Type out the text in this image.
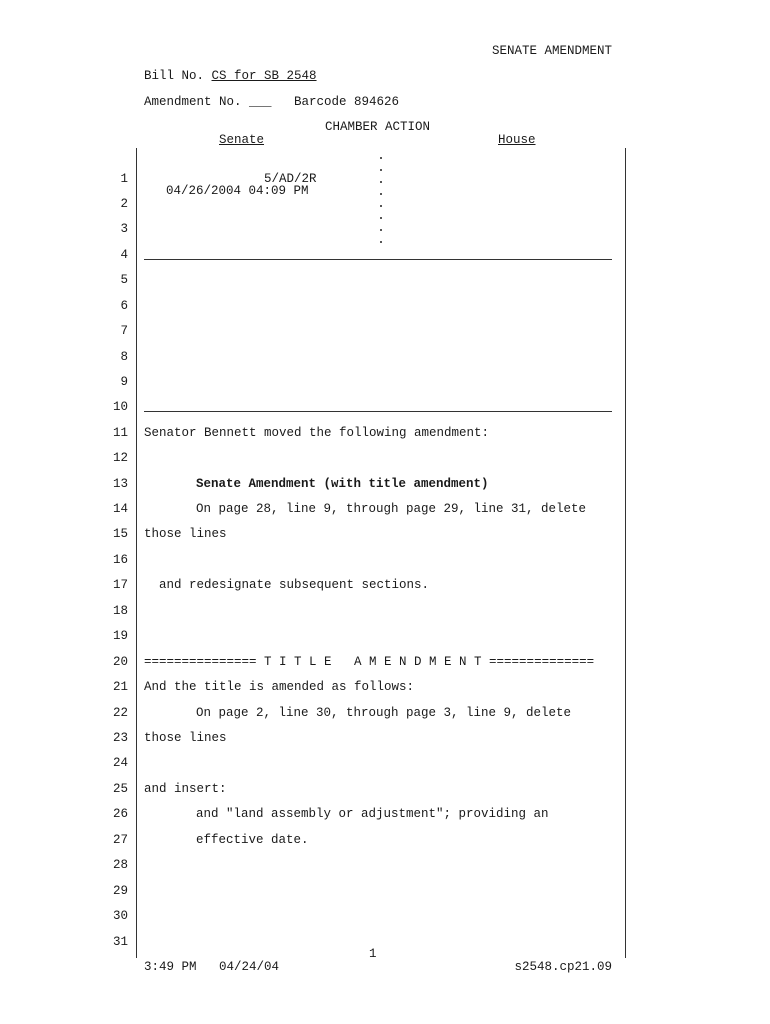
SENATE AMENDMENT
Bill No. CS for SB 2548
Amendment No. ___ Barcode 894626
CHAMBER ACTION
Senate	House
5/AD/2R
04/26/2004 04:09 PM
1
2
3
4
5
6
7
8
9
10
11
12
13
14
15
16
17
18
19
20
21
22
23
24
25
26
27
28
29
30
31
Senator Bennett moved the following amendment:
Senate Amendment (with title amendment)
On page 28, line 9, through page 29, line 31, delete
those lines
and redesignate subsequent sections.
=============== T I T L E   A M E N D M E N T ==============
And the title is amended as follows:
On page 2, line 30, through page 3, line 9, delete
those lines
and insert:
and "land assembly or adjustment"; providing an
effective date.
1
3:49 PM   04/24/04	s2548.cp21.09
